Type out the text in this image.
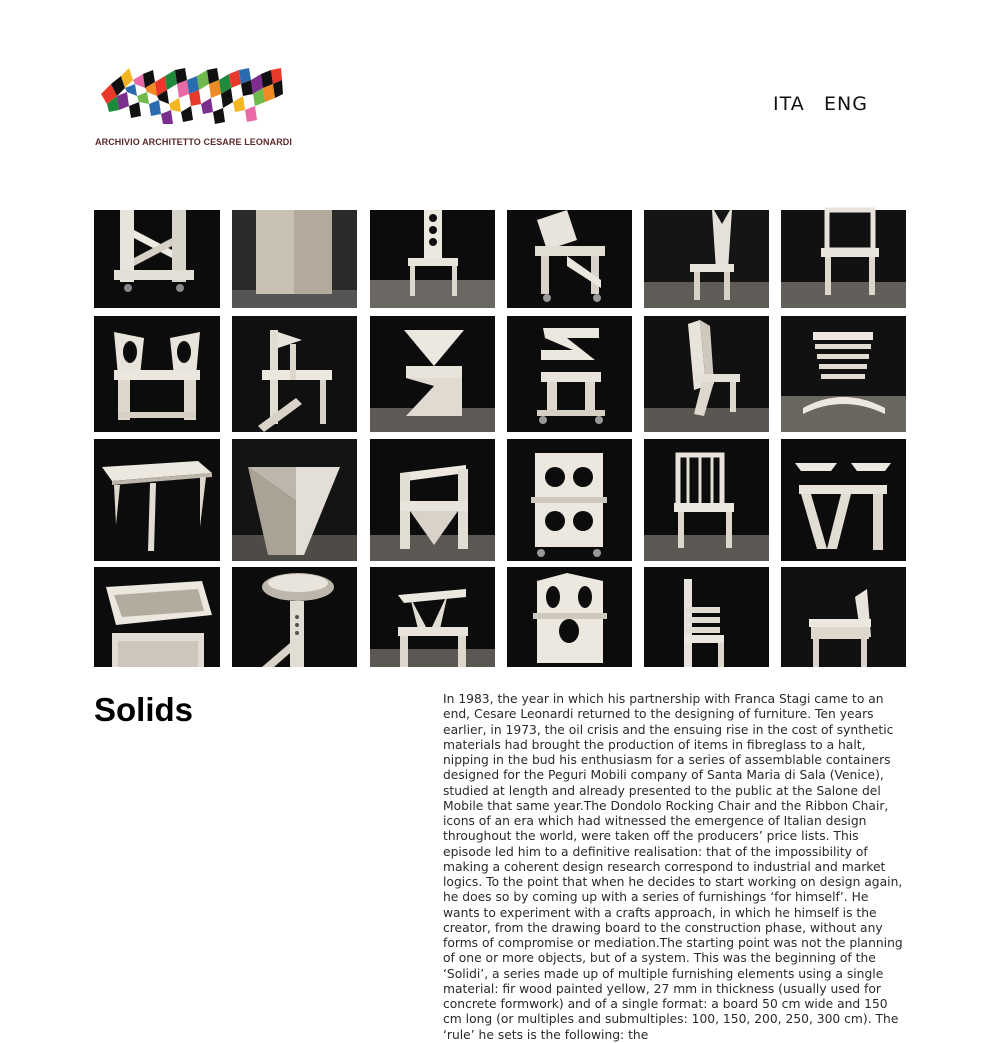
ARCHIVIO ARCHITETTO CESARE LEONARDI
ITA ENG
Solids	In 1983, the year in which his partnership with Franca Stagi came to an end, Cesare Leonardi returned to the designing of furniture. Ten years earlier, in 1973, the oil crisis and the ensuing rise in the cost of synthetic materials had brought the production of items in fibreglass to a halt, nipping in the bud his enthusiasm for a series of assemblable containers designed for the Peguri Mobili company of Santa Maria di Sala (Venice), studied at length and already presented to the public at the Salone del Mobile that same year.The Dondolo Rocking Chair and the Ribbon Chair, icons of an era which had witnessed the emergence of Italian design throughout the world, were taken off the producers’ price lists. This episode led him to a definitive realisation: that of the impossibility of making a coherent design research correspond to industrial and market logics. To the point that when he decides to start working on design again, he does so by coming up with a series of furnishings ‘for himself’. He wants to experiment with a crafts approach, in which he himself is the creator, from the drawing board to the construction phase, without any forms of compromise or mediation.The starting point was not the planning of one or more objects, but of a system. This was the beginning of the ‘Solidi’, a series made up of multiple furnishing elements using a single material: fir wood painted yellow, 27 mm in thickness (usually used for concrete formwork) and of a single format: a board 50 cm wide and 150 cm long (or multiples and submultiples: 100, 150, 200, 250, 300 cm). The ‘rule’ he sets is the following: the
